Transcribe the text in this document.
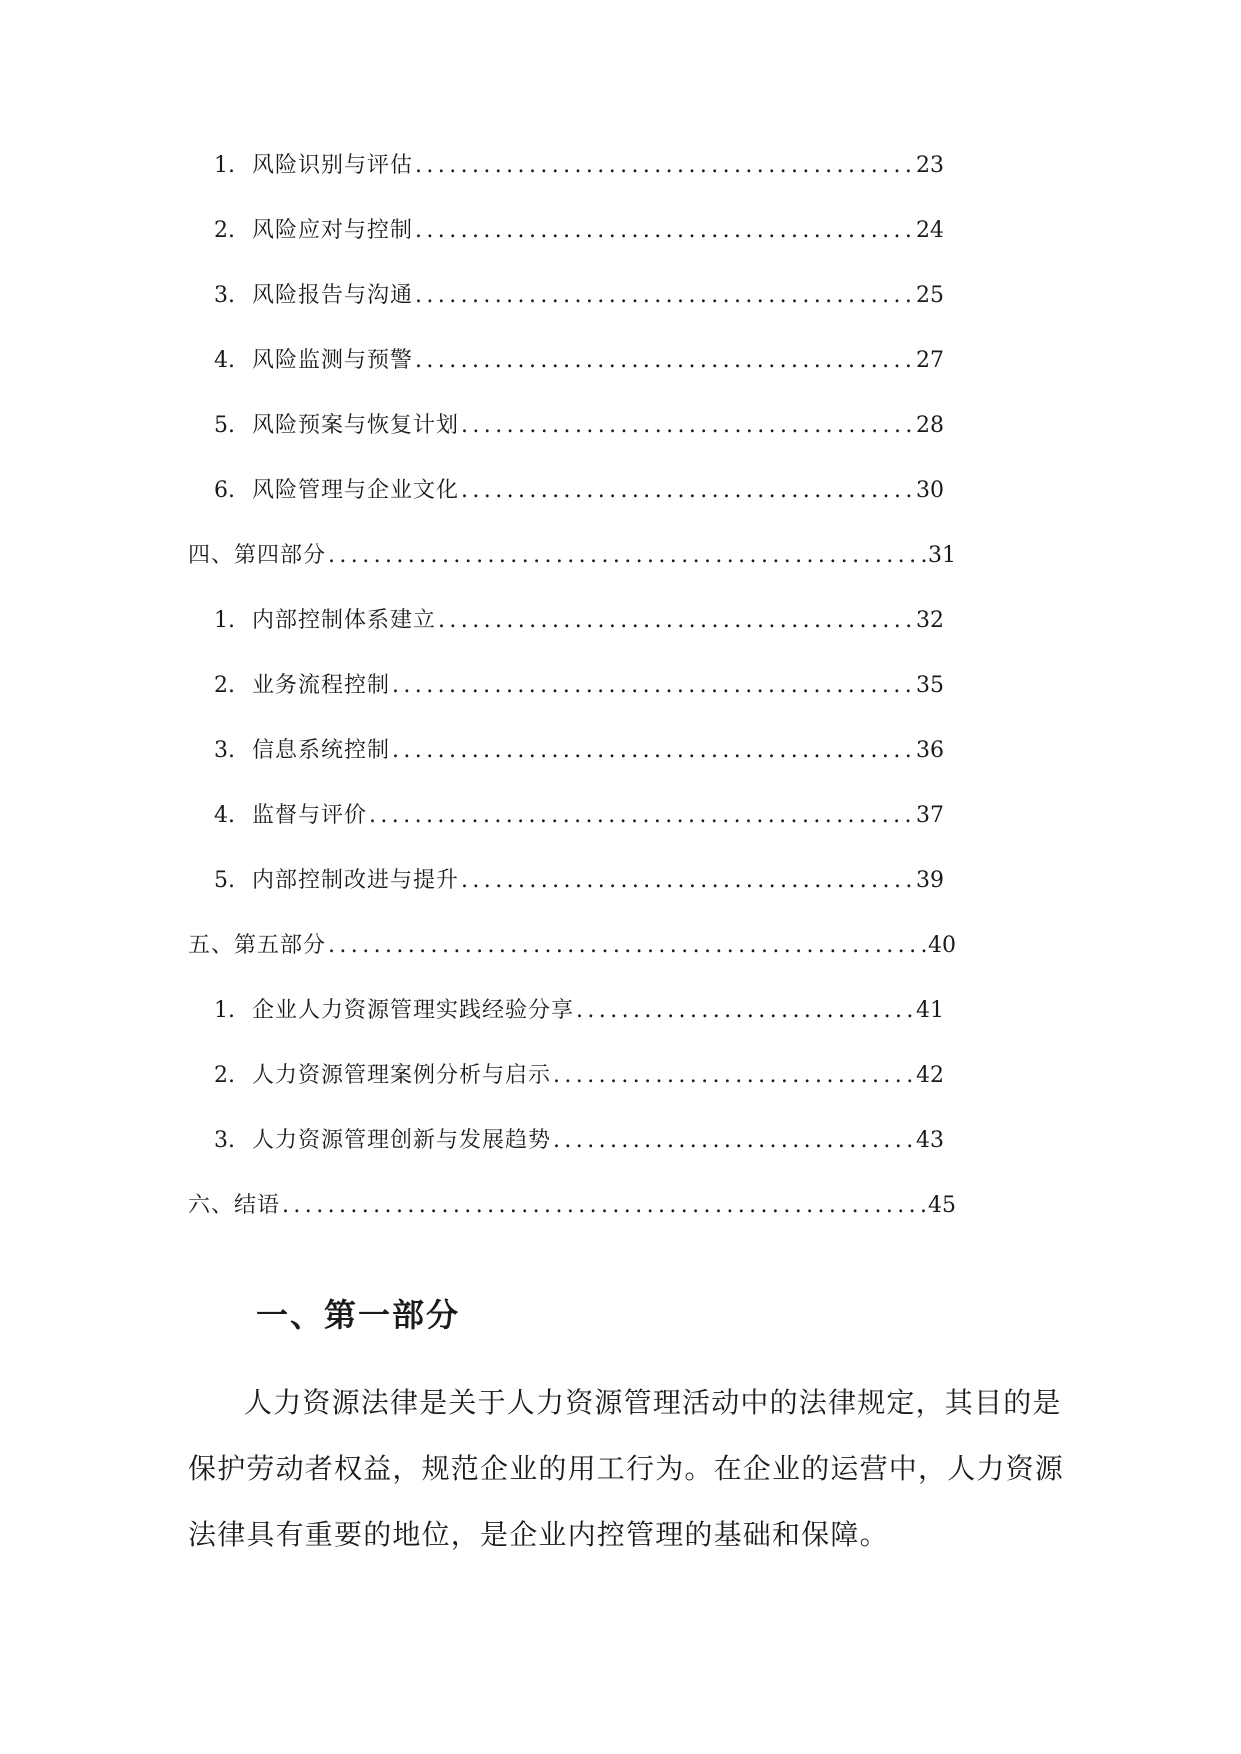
1. 风险识别与评估 .....	23
2. 风险应对与控制 .....	24
3. 风险报告与沟通 .....	25
4. 风险监测与预警 .....	27
5. 风险预案与恢复计划 .....	28
6. 风险管理与企业文化 .....	30
四、第四部分 .....	31
1. 内部控制体系建立 .....	32
2. 业务流程控制 .....	35
3. 信息系统控制 .....	36
4. 监督与评价 .....	37
5. 内部控制改进与提升 .....	39
五、第五部分 .....	40
1. 企业人力资源管理实践经验分享 .....	41
2. 人力资源管理案例分析与启示 .....	42
3. 人力资源管理创新与发展趋势 .....	43
六、结语 .....	45
一、第一部分

人力资源法律是关于人力资源管理活动中的法律规定，其目的是保护劳动者权益，规范企业的用工行为。在企业的运营中，人力资源法律具有重要的地位，是企业内控管理的基础和保障。
